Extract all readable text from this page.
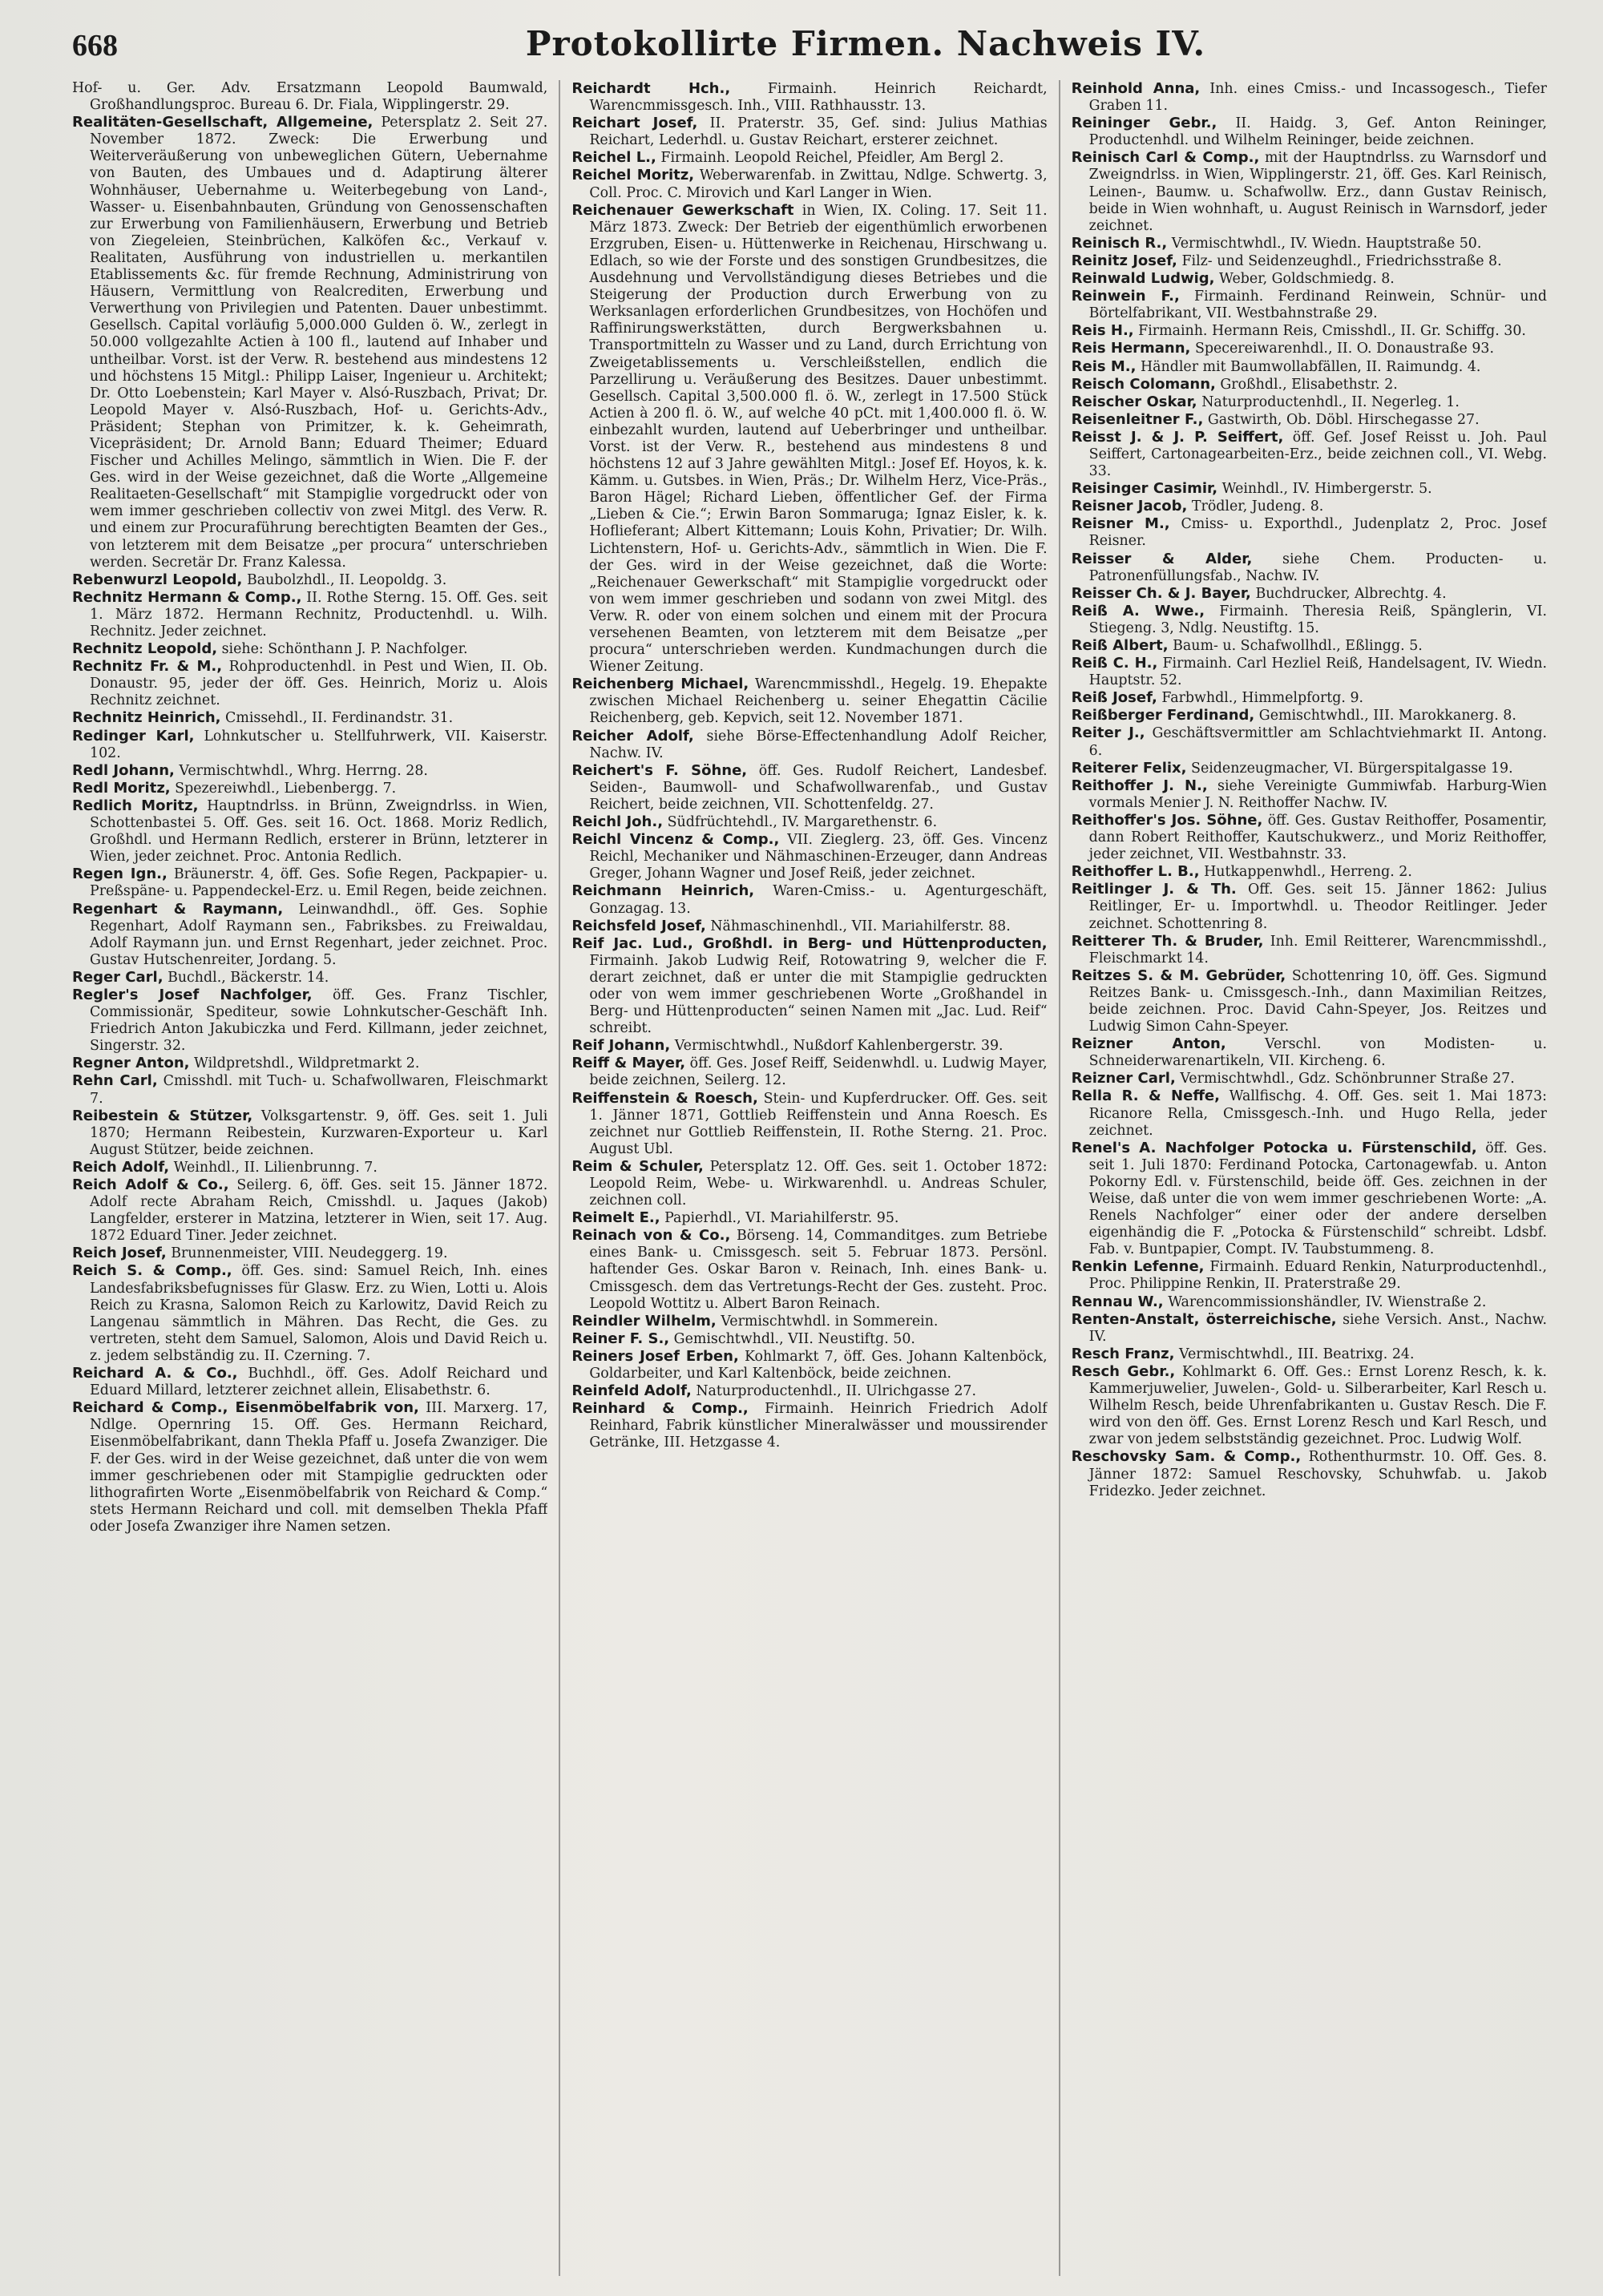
668	Protokollirte Firmen. Nachweis IV.

Hof- u. Ger. Adv. Ersatzmann Leopold Baumwald, Großhandlungsproc. Bureau 6. Dr. Fiala, Wipplingerstr. 29.

Realitäten-Gesellschaft, Allgemeine, Petersplatz 2. Seit 27. November 1872. Zweck: Die Erwerbung und Weiterveräußerung von unbeweglichen Gütern, Uebernahme von Bauten, des Umbaues und d. Adaptirung älterer Wohnhäuser, Uebernahme u. Weiterbegebung von Land-, Wasser- u. Eisenbahnbauten, Gründung von Genossenschaften zur Erwerbung von Familienhäusern, Erwerbung und Betrieb von Ziegeleien, Steinbrüchen, Kalköfen &c., Verkauf v. Realitaten, Ausführung von industriellen u. merkantilen Etablissements &c. für fremde Rechnung, Administrirung von Häusern, Vermittlung von Realcrediten, Erwerbung und Verwerthung von Privilegien und Patenten. Dauer unbestimmt. Gesellsch. Capital vorläufig 5,000.000 Gulden ö. W., zerlegt in 50.000 vollgezahlte Actien à 100 fl., lautend auf Inhaber und untheilbar. Vorst. ist der Verw. R. bestehend aus mindestens 12 und höchstens 15 Mitgl.: Philipp Laiser, Ingenieur u. Architekt; Dr. Otto Loebenstein; Karl Mayer v. Alsó-Ruszbach, Privat; Dr. Leopold Mayer v. Alsó-Ruszbach, Hof- u. Gerichts-Adv., Präsident; Stephan von Primitzer, k. k. Geheimrath, Vicepräsident; Dr. Arnold Bann; Eduard Theimer; Eduard Fischer und Achilles Melingo, sämmtlich in Wien. Die F. der Ges. wird in der Weise gezeichnet, daß die Worte „Allgemeine Realitaeten-Gesellschaft“ mit Stampiglie vorgedruckt oder von wem immer geschrieben collectiv von zwei Mitgl. des Verw. R. und einem zur Procuraführung berechtigten Beamten der Ges., von letzterem mit dem Beisatze „per procura“ unterschrieben werden. Secretär Dr. Franz Kalessa.

Rebenwurzl Leopold, Baubolzhdl., II. Leopoldg. 3.

Rechnitz Hermann & Comp., II. Rothe Sterng. 15. Off. Ges. seit 1. März 1872. Hermann Rechnitz, Productenhdl. u. Wilh. Rechnitz. Jeder zeichnet.

Rechnitz Leopold, siehe: Schönthann J. P. Nachfolger.

Rechnitz Fr. & M., Rohproductenhdl. in Pest und Wien, II. Ob. Donaustr. 95, jeder der öff. Ges. Heinrich, Moriz u. Alois Rechnitz zeichnet.

Rechnitz Heinrich, Cmissehdl., II. Ferdinandstr. 31.

Redinger Karl, Lohnkutscher u. Stellfuhrwerk, VII. Kaiserstr. 102.

Redl Johann, Vermischtwhdl., Whrg. Herrng. 28.

Redl Moritz, Spezereiwhdl., Liebenbergg. 7.

Redlich Moritz, Hauptndrlss. in Brünn, Zweigndrlss. in Wien, Schottenbastei 5. Off. Ges. seit 16. Oct. 1868. Moriz Redlich, Großhdl. und Hermann Redlich, ersterer in Brünn, letzterer in Wien, jeder zeichnet. Proc. Antonia Redlich.

Regen Ign., Bräunerstr. 4, öff. Ges. Sofie Regen, Packpapier- u. Preßspäne- u. Pappendeckel-Erz. u. Emil Regen, beide zeichnen.

Regenhart & Raymann, Leinwandhdl., öff. Ges. Sophie Regenhart, Adolf Raymann sen., Fabriksbes. zu Freiwaldau, Adolf Raymann jun. und Ernst Regenhart, jeder zeichnet. Proc. Gustav Hutschenreiter, Jordang. 5.

Reger Carl, Buchdl., Bäckerstr. 14.

Regler's Josef Nachfolger, öff. Ges. Franz Tischler, Commissionär, Spediteur, sowie Lohnkutscher-Geschäft Inh. Friedrich Anton Jakubiczka und Ferd. Killmann, jeder zeichnet, Singerstr. 32.

Regner Anton, Wildpretshdl., Wildpretmarkt 2.

Rehn Carl, Cmisshdl. mit Tuch- u. Schafwollwaren, Fleischmarkt 7.

Reibestein & Stützer, Volksgartenstr. 9, öff. Ges. seit 1. Juli 1870; Hermann Reibestein, Kurzwaren-Exporteur u. Karl August Stützer, beide zeichnen.

Reich Adolf, Weinhdl., II. Lilienbrunng. 7.

Reich Adolf & Co., Seilerg. 6, öff. Ges. seit 15. Jänner 1872. Adolf recte Abraham Reich, Cmisshdl. u. Jaques (Jakob) Langfelder, ersterer in Matzina, letzterer in Wien, seit 17. Aug. 1872 Eduard Tiner. Jeder zeichnet.

Reich Josef, Brunnenmeister, VIII. Neudeggerg. 19.

Reich S. & Comp., öff. Ges. sind: Samuel Reich, Inh. eines Landesfabriksbefugnisses für Glasw. Erz. zu Wien, Lotti u. Alois Reich zu Krasna, Salomon Reich zu Karlowitz, David Reich zu Langenau sämmtlich in Mähren. Das Recht, die Ges. zu vertreten, steht dem Samuel, Salomon, Alois und David Reich u. z. jedem selbständig zu. II. Czerning. 7.

Reichard A. & Co., Buchhdl., öff. Ges. Adolf Reichard und Eduard Millard, letzterer zeichnet allein, Elisabethstr. 6.

Reichard & Comp., Eisenmöbelfabrik von, III. Marxerg. 17, Ndlge. Opernring 15. Off. Ges. Hermann Reichard, Eisenmöbelfabrikant, dann Thekla Pfaff u. Josefa Zwanziger. Die F. der Ges. wird in der Weise gezeichnet, daß unter die von wem immer geschriebenen oder mit Stampiglie gedruckten oder lithografirten Worte „Eisenmöbelfabrik von Reichard & Comp.“ stets Hermann Reichard und coll. mit demselben Thekla Pfaff oder Josefa Zwanziger ihre Namen setzen.

Reichardt Hch.,	Firmainh. Heinrich Reichardt, Warencmmissgesch. Inh., VIII. Rathhausstr. 13.

Reichart Josef, II. Praterstr. 35, Gef. sind: Julius Mathias Reichart, Lederhdl. u. Gustav Reichart, ersterer zeichnet.

Reichel L., Firmainh. Leopold Reichel, Pfeidler, Am Bergl 2.

Reichel Moritz, Weberwarenfab. in Zwittau, Ndlge. Schwertg. 3, Coll. Proc. C. Mirovich und Karl Langer in Wien.

Reichenauer Gewerkschaft in Wien, IX. Coling. 17. Seit 11. März 1873. Zweck: Der Betrieb der eigenthümlich erworbenen Erzgruben, Eisen- u. Hüttenwerke in Reichenau, Hirschwang u. Edlach, so wie der Forste und des sonstigen Grundbesitzes, die Ausdehnung und Vervollständigung dieses Betriebes und die Steigerung der Production durch Erwerbung von zu Werksanlagen erforderlichen Grundbesitzes, von Hochöfen und Raffinirungswerkstätten, durch Bergwerksbahnen u. Transportmitteln zu Wasser und zu Land, durch Errichtung von Zweigetablissements u. Verschleißstellen, endlich die Parzellirung u. Veräußerung des Besitzes. Dauer unbestimmt. Gesellsch. Capital 3,500.000 fl. ö. W., zerlegt in 17.500 Stück Actien à 200 fl. ö. W., auf welche 40 pCt. mit 1,400.000 fl. ö. W. einbezahlt wurden, lautend auf Ueberbringer und untheilbar. Vorst. ist der Verw. R., bestehend aus mindestens 8 und höchstens 12 auf 3 Jahre gewählten Mitgl.: Josef Ef. Hoyos, k. k. Kämm. u. Gutsbes. in Wien, Präs.; Dr. Wilhelm Herz, Vice-Präs., Baron Hägel; Richard Lieben, öffentlicher Gef. der Firma „Lieben & Cie.“; Erwin Baron Sommaruga; Ignaz Eisler, k. k. Hoflieferant; Albert Kittemann; Louis Kohn, Privatier; Dr. Wilh. Lichtenstern, Hof- u. Gerichts-Adv., sämmtlich in Wien. Die F. der Ges. wird in der Weise gezeichnet, daß die Worte: „Reichenauer Gewerkschaft“ mit Stampiglie vorgedruckt oder von wem immer geschrieben und sodann von zwei Mitgl. des Verw. R. oder von einem solchen und einem mit der Procura versehenen Beamten, von letzterem mit dem Beisatze „per procura“ unterschrieben werden. Kundmachungen durch die Wiener Zeitung.

Reichenberg Michael, Warencmmisshdl., Hegelg. 19. Ehepakte zwischen Michael Reichenberg u. seiner Ehegattin Cäcilie Reichenberg, geb. Kepvich, seit 12. November 1871.

Reicher Adolf, siehe Börse-Effectenhandlung Adolf Reicher, Nachw. IV.

Reichert's F. Söhne, öff. Ges. Rudolf Reichert, Landesbef. Seiden-, Baumwoll- und Schafwollwarenfab., und Gustav Reichert, beide zeichnen, VII. Schottenfeldg. 27.

Reichl Joh., Südfrüchtehdl., IV. Margarethenstr. 6.

Reichl Vincenz & Comp., VII. Zieglerg. 23, öff. Ges. Vincenz Reichl, Mechaniker und Nähmaschinen-Erzeuger, dann Andreas Greger, Johann Wagner und Josef Reiß, jeder zeichnet.

Reichmann Heinrich, Waren-Cmiss.- u. Agenturgeschäft, Gonzagag. 13.

Reichsfeld Josef, Nähmaschinenhdl., VII. Mariahilferstr. 88.

Reif Jac. Lud., Großhdl. in Berg- und Hüttenproducten, Firmainh. Jakob Ludwig Reif, Rotowatring 9, welcher die F. derart zeichnet, daß er unter die mit Stampiglie gedruckten oder von wem immer geschriebenen Worte „Großhandel in Berg- und Hüttenproducten“ seinen Namen mit „Jac. Lud. Reif“ schreibt.

Reif Johann, Vermischtwhdl., Nußdorf Kahlenbergerstr. 39.

Reiff & Mayer, öff. Ges. Josef Reiff, Seidenwhdl. u. Ludwig Mayer, beide zeichnen, Seilerg. 12.

Reiffenstein & Roesch, Stein- und Kupferdrucker. Off. Ges. seit 1. Jänner 1871, Gottlieb Reiffenstein und Anna Roesch. Es zeichnet nur Gottlieb Reiffenstein, II. Rothe Sterng. 21. Proc. August Ubl.

Reim & Schuler, Petersplatz 12. Off. Ges. seit 1. October 1872: Leopold Reim, Webe- u. Wirkwarenhdl. u. Andreas Schuler, zeichnen coll.

Reimelt E., Papierhdl., VI. Mariahilferstr. 95.

Reinach von & Co., Börseng. 14, Commanditges. zum Betriebe eines Bank- u. Cmissgesch. seit 5. Februar 1873. Persönl. haftender Ges. Oskar Baron v. Reinach, Inh. eines Bank- u. Cmissgesch. dem das Vertretungs-Recht der Ges. zusteht. Proc. Leopold Wottitz u. Albert Baron Reinach.

Reindler Wilhelm, Vermischtwhdl. in Sommerein.

Reiner F. S., Gemischtwhdl., VII. Neustiftg. 50.

Reiners Josef Erben, Kohlmarkt 7, öff. Ges. Johann Kaltenböck, Goldarbeiter, und Karl Kaltenböck, beide zeichnen.

Reinfeld Adolf, Naturproductenhdl., II. Ulrichgasse 27.

Reinhard & Comp., Firmainh. Heinrich Friedrich Adolf Reinhard, Fabrik künstlicher Mineralwässer und moussirender Getränke, III. Hetzgasse 4.

Reinhold Anna, Inh. eines Cmiss.- und Incassogesch., Tiefer Graben 11.

Reininger Gebr., II. Haidg. 3, Gef. Anton Reininger, Productenhdl. und Wilhelm Reininger, beide zeichnen.

Reinisch Carl & Comp., mit der Hauptndrlss. zu Warnsdorf und Zweigndrlss. in Wien, Wipplingerstr. 21, öff. Ges. Karl Reinisch, Leinen-, Baumw. u. Schafwollw. Erz., dann Gustav Reinisch, beide in Wien wohnhaft, u. August Reinisch in Warnsdorf, jeder zeichnet.

Reinisch R., Vermischtwhdl., IV. Wiedn. Hauptstraße 50.

Reinitz Josef, Filz- und Seidenzeughdl., Friedrichsstraße 8.

Reinwald Ludwig, Weber, Goldschmiedg. 8.

Reinwein F., Firmainh. Ferdinand Reinwein, Schnür- und Börtelfabrikant, VII. Westbahnstraße 29.

Reis H., Firmainh. Hermann Reis, Cmisshdl., II. Gr. Schiffg. 30.

Reis Hermann, Specereiwarenhdl., II. O. Donaustraße 93.

Reis M., Händler mit Baumwollabfällen, II. Raimundg. 4.

Reisch Colomann, Großhdl., Elisabethstr. 2.

Reischer Oskar, Naturproductenhdl., II. Negerleg. 1.

Reisenleitner F., Gastwirth, Ob. Döbl. Hirschegasse 27.

Reisst J. & J. P. Seiffert, öff. Gef. Josef Reisst u. Joh. Paul Seiffert, Cartonagearbeiten-Erz., beide zeichnen coll., VI. Webg. 33.

Reisinger Casimir, Weinhdl., IV. Himbergerstr. 5.

Reisner Jacob, Trödler, Judeng. 8.

Reisner M., Cmiss- u. Exporthdl., Judenplatz 2, Proc. Josef Reisner.

Reisser & Alder, siehe Chem. Producten- u. Patronenfüllungsfab., Nachw. IV.

Reisser Ch. & J. Bayer, Buchdrucker, Albrechtg. 4.

Reiß A. Wwe., Firmainh. Theresia Reiß, Spänglerin, VI. Stiegeng. 3, Ndlg. Neustiftg. 15.

Reiß Albert, Baum- u. Schafwollhdl., Eßlingg. 5.

Reiß C. H., Firmainh. Carl Hezliel Reiß, Handelsagent, IV. Wiedn. Hauptstr. 52.

Reiß Josef, Farbwhdl., Himmelpfortg. 9.

Reißberger Ferdinand, Gemischtwhdl., III. Marokkanerg. 8.

Reiter J., Geschäftsvermittler am Schlachtviehmarkt II. Antong. 6.

Reiterer Felix, Seidenzeugmacher, VI. Bürgerspitalgasse 19.

Reithoffer J. N., siehe Vereinigte Gummiwfab. Harburg-Wien vormals Menier J. N. Reithoffer Nachw. IV.

Reithoffer's Jos. Söhne, öff. Ges. Gustav Reithoffer, Posamentir, dann Robert Reithoffer, Kautschukwerz., und Moriz Reithoffer, jeder zeichnet, VII. Westbahnstr. 33.

Reithoffer L. B., Hutkappenwhdl., Herreng. 2.

Reitlinger J. & Th. Off. Ges. seit 15. Jänner 1862: Julius Reitlinger, Er- u. Importwhdl. u. Theodor Reitlinger. Jeder zeichnet. Schottenring 8.

Reitterer Th. & Bruder, Inh. Emil Reitterer, Warencmmisshdl., Fleischmarkt 14.

Reitzes S. & M. Gebrüder, Schottenring 10, öff. Ges. Sigmund Reitzes Bank- u. Cmissgesch.-Inh., dann Maximilian Reitzes, beide zeichnen. Proc. David Cahn-Speyer, Jos. Reitzes und Ludwig Simon Cahn-Speyer.

Reizner Anton,	Verschl. von Modisten- u. Schneiderwarenartikeln, VII. Kircheng. 6.

Reizner Carl, Vermischtwhdl., Gdz. Schönbrunner Straße 27.

Rella R. & Neffe, Wallfischg. 4. Off. Ges. seit 1. Mai 1873: Ricanore Rella, Cmissgesch.-Inh. und Hugo Rella, jeder zeichnet.

Renel's A. Nachfolger Potocka u. Fürstenschild, öff. Ges. seit 1. Juli 1870: Ferdinand Potocka, Cartonagewfab. u. Anton Pokorny Edl. v. Fürstenschild, beide öff. Ges. zeichnen in der Weise, daß unter die von wem immer geschriebenen Worte: „A. Renels Nachfolger“ einer oder der andere derselben eigenhändig die F. „Potocka & Fürstenschild“ schreibt. Ldsbf. Fab. v. Buntpapier, Compt. IV. Taubstummeng. 8.

Renkin Lefenne, Firmainh. Eduard Renkin, Naturproductenhdl., Proc. Philippine Renkin, II. Praterstraße 29.

Rennau W., Warencommissionshändler, IV. Wienstraße 2.

Renten-Anstalt, österreichische, siehe Versich. Anst., Nachw. IV.

Resch Franz, Vermischtwhdl., III. Beatrixg. 24.

Resch Gebr., Kohlmarkt 6. Off. Ges.: Ernst Lorenz Resch, k. k. Kammerjuwelier, Juwelen-, Gold- u. Silberarbeiter, Karl Resch u. Wilhelm Resch, beide Uhrenfabrikanten u. Gustav Resch. Die F. wird von den öff. Ges. Ernst Lorenz Resch und Karl Resch, und zwar von jedem selbstständig gezeichnet. Proc. Ludwig Wolf.

Reschovsky Sam. & Comp., Rothenthurmstr. 10. Off. Ges. 8. Jänner 1872: Samuel Reschovsky, Schuhwfab. u. Jakob Fridezko. Jeder zeichnet.
